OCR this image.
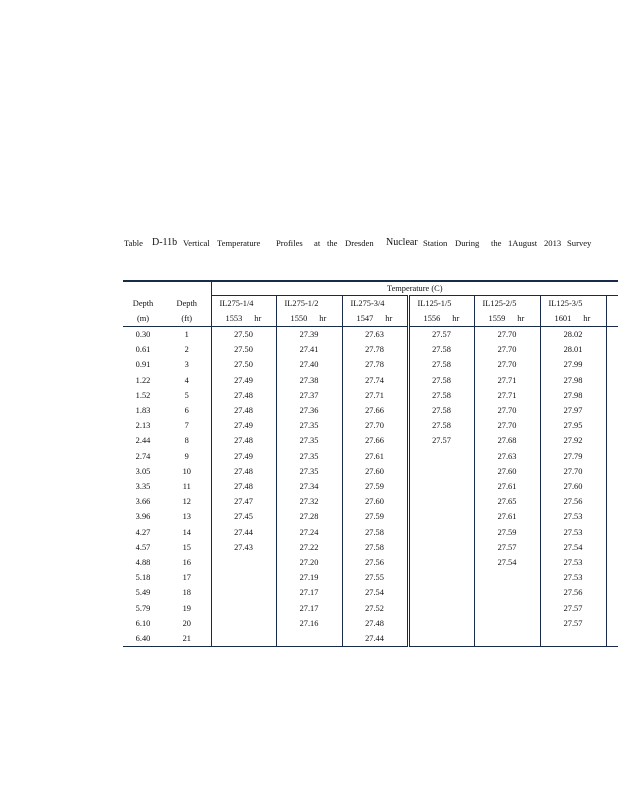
Table D-11b Vertical Temperature Profiles at the Dresden Nuclear Station During the 1August 2013 Survey
		Temperature (C)						
Depth	Depth	IL275-1/4	IL275-1/2	IL275-3/4	IL125-1/5	IL125-2/5	IL125-3/5	
(m)	(ft)	1553 hr	1550 hr	1547 hr	1556 hr	1559 hr	1601 hr	
0.30	1	27.50	27.39	27.63	27.57	27.70	28.02	
0.61	2	27.50	27.41	27.78	27.58	27.70	28.01	
0.91	3	27.50	27.40	27.78	27.58	27.70	27.99	
1.22	4	27.49	27.38	27.74	27.58	27.71	27.98	
1.52	5	27.48	27.37	27.71	27.58	27.71	27.98	
1.83	6	27.48	27.36	27.66	27.58	27.70	27.97	
2.13	7	27.49	27.35	27.70	27.58	27.70	27.95	
2.44	8	27.48	27.35	27.66	27.57	27.68	27.92	
2.74	9	27.49	27.35	27.61		27.63	27.79	
3.05	10	27.48	27.35	27.60		27.60	27.70	
3.35	11	27.48	27.34	27.59		27.61	27.60	
3.66	12	27.47	27.32	27.60		27.65	27.56	
3.96	13	27.45	27.28	27.59		27.61	27.53	
4.27	14	27.44	27.24	27.58		27.59	27.53	
4.57	15	27.43	27.22	27.58		27.57	27.54	
4.88	16		27.20	27.56		27.54	27.53	
5.18	17		27.19	27.55			27.53	
5.49	18		27.17	27.54			27.56	
5.79	19		27.17	27.52			27.57	
6.10	20		27.16	27.48			27.57	
6.40	21			27.44				
